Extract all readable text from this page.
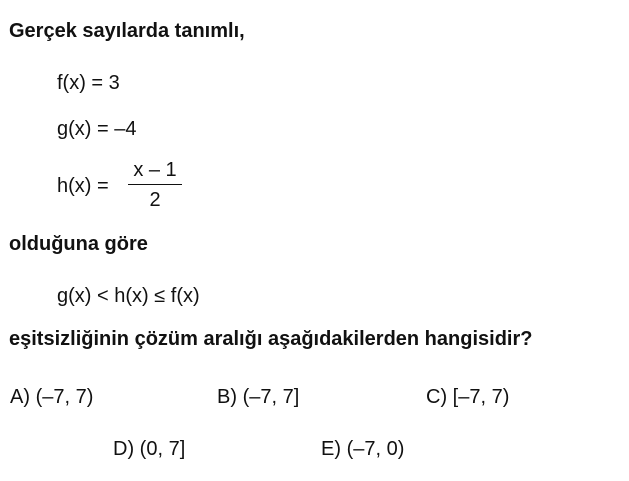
Gerçek sayılarda tanımlı,
f(x) = 3
g(x) = –4
h(x) =
x – 1
2
olduğuna göre
g(x) < h(x) ≤ f(x)
eşitsizliğinin çözüm aralığı aşağıdakilerden hangisidir?
A) (–7, 7)	B) (–7, 7]	C) [–7, 7)
D) (0, 7]	E) (–7, 0)
